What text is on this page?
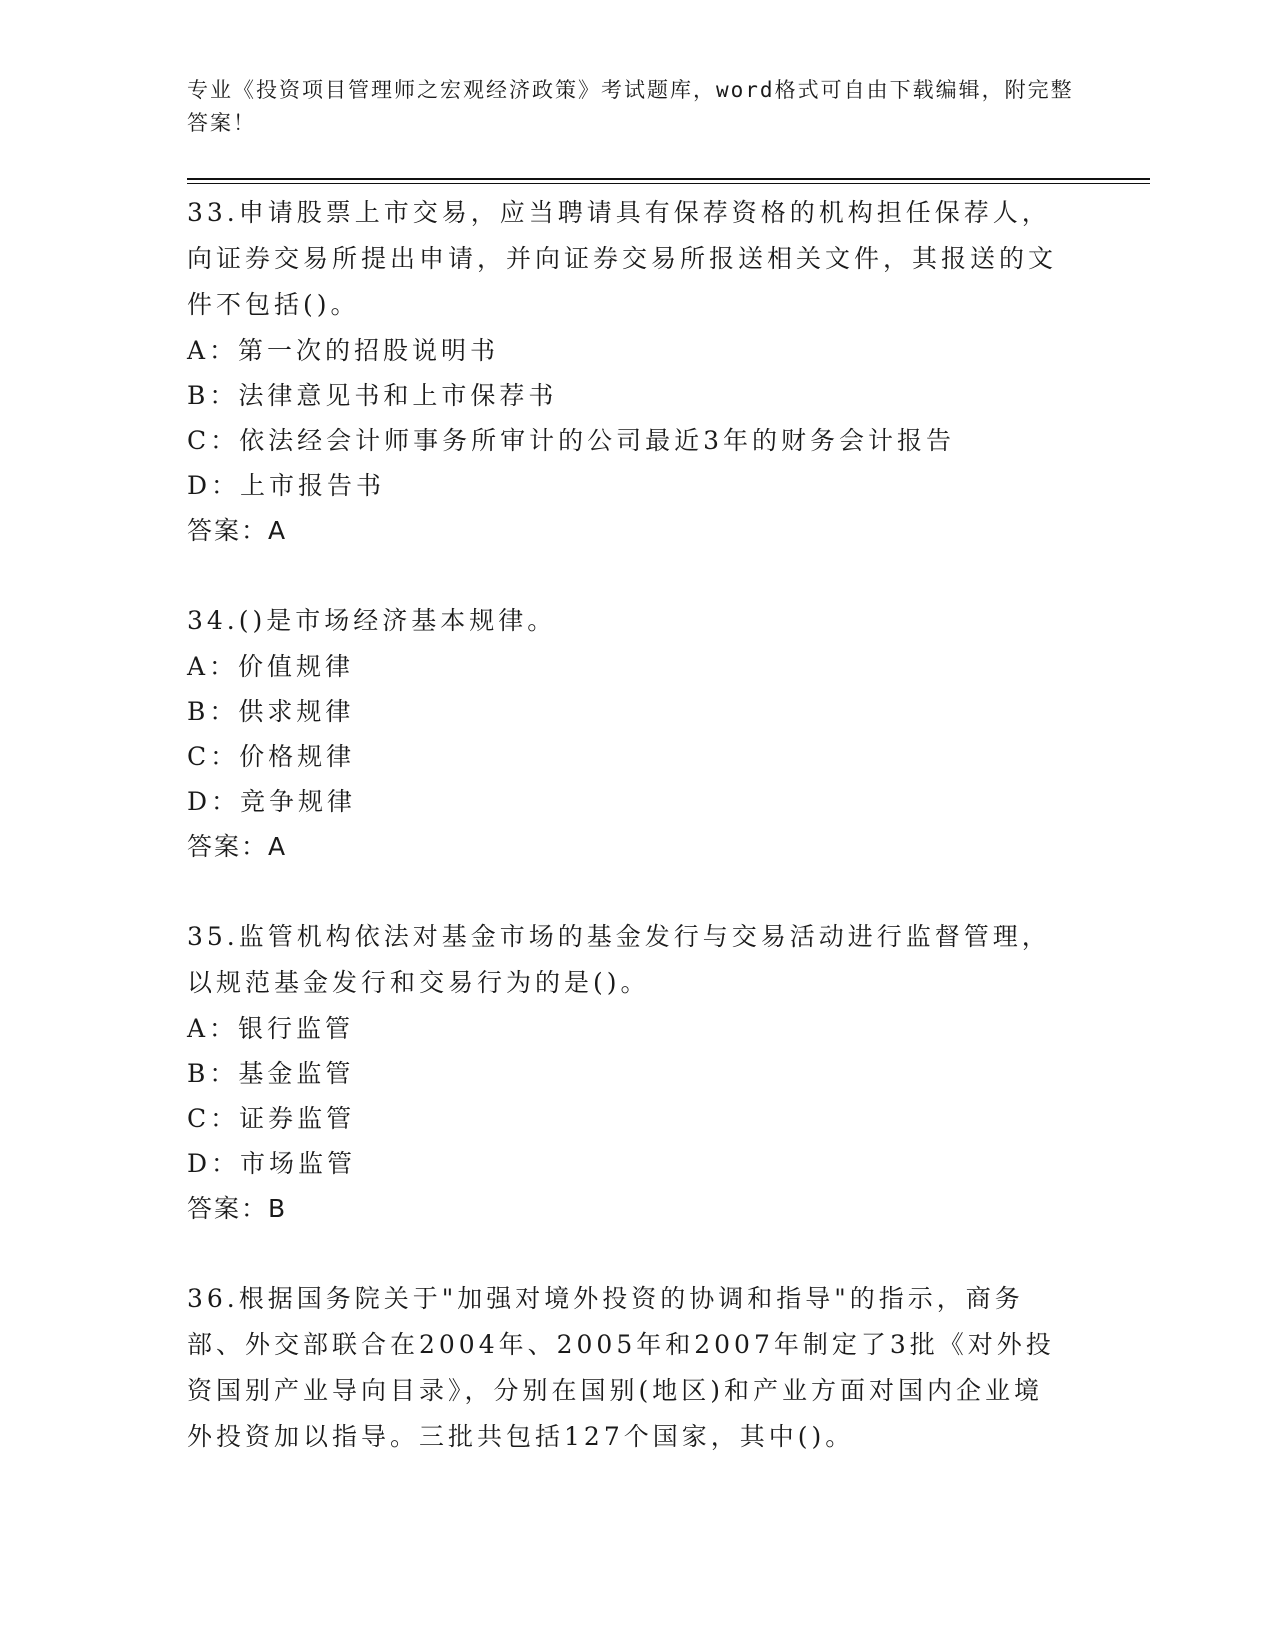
专业《投资项目管理师之宏观经济政策》考试题库，word格式可自由下载编辑，附完整答案！

33.申请股票上市交易，应当聘请具有保荐资格的机构担任保荐人，向证券交易所提出申请，并向证券交易所报送相关文件，其报送的文件不包括()。

A：第一次的招股说明书

B：法律意见书和上市保荐书

C：依法经会计师事务所审计的公司最近3年的财务会计报告

D：上市报告书

答案：A

34.()是市场经济基本规律。

A：价值规律

B：供求规律

C：价格规律

D：竞争规律

答案：A

35.监管机构依法对基金市场的基金发行与交易活动进行监督管理，以规范基金发行和交易行为的是()。

A：银行监管

B：基金监管

C：证券监管

D：市场监管

答案：B

36.根据国务院关于"加强对境外投资的协调和指导"的指示，商务部、外交部联合在2004年、2005年和2007年制定了3批《对外投资国别产业导向目录》，分别在国别(地区)和产业方面对国内企业境外投资加以指导。三批共包括127个国家，其中()。
